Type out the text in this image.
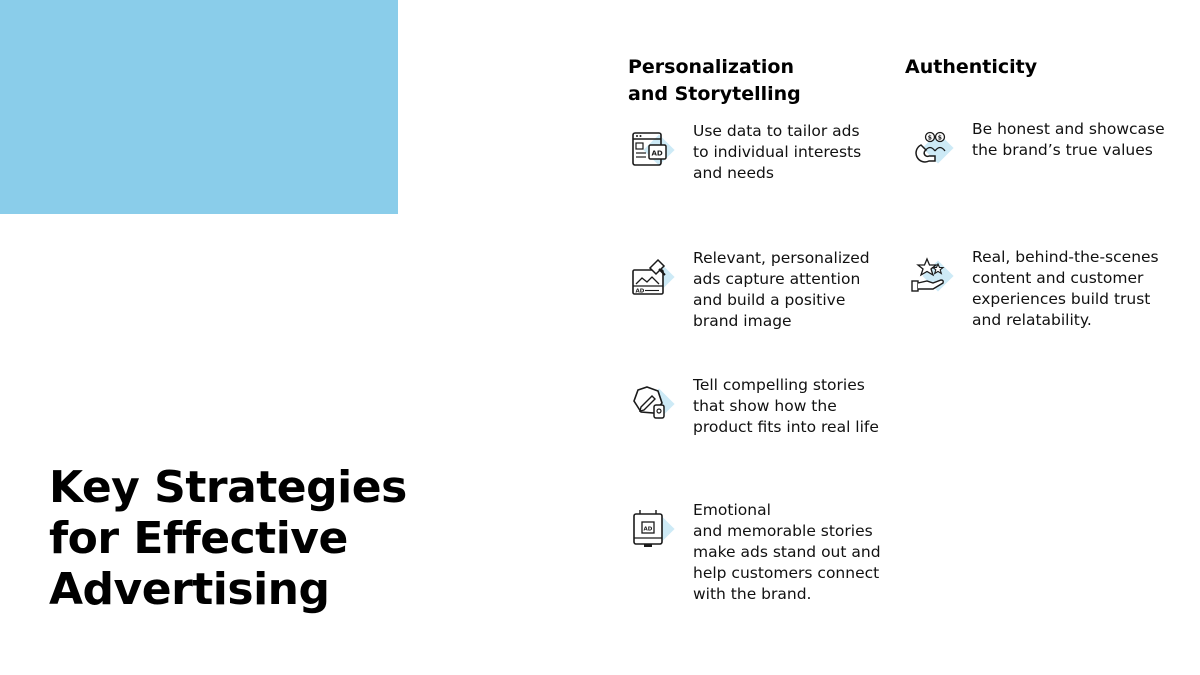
Key Strategies
for Effective
Advertising
Personalization
and Storytelling
AD
Use data to tailor ads
to individual interests
and needs
AD
Relevant, personalized
ads capture attention
and build a positive
brand image
Tell compelling stories
that show how the
product fits into real life
AD
Emotional
and memorable stories
make ads stand out and
help customers connect
with the brand.
Authenticity
$ $ Be honest and showcase
the brand’s true values
Real, behind-the-scenes
content and customer
experiences build trust
and relatability.
